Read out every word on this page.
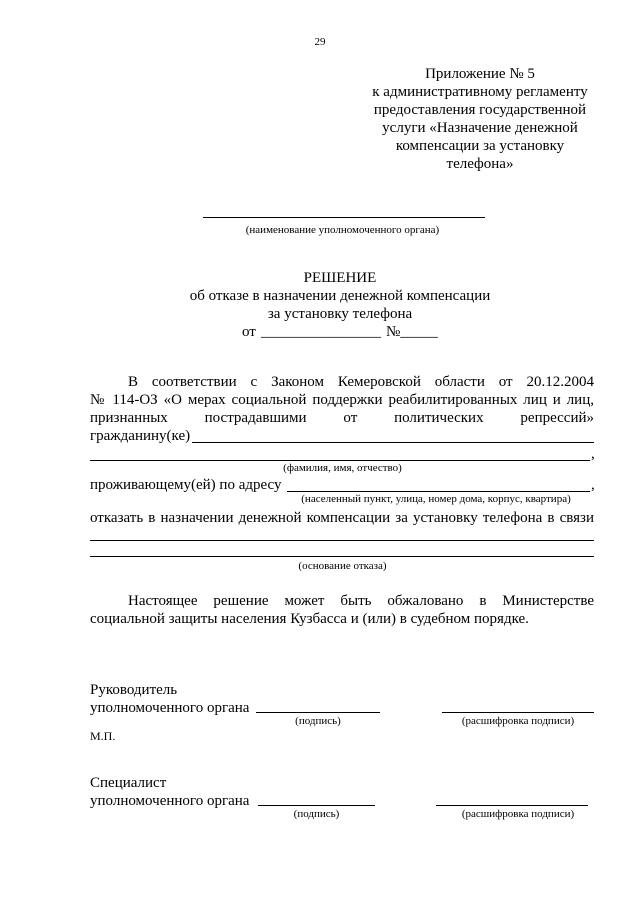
29
Приложение № 5
к административному регламенту
предоставления государственной
услуги «Назначение денежной
компенсации за установку
телефона»
(наименование уполномоченного органа)
РЕШЕНИЕ
об отказе в назначении денежной компенсации
за установку телефона
от ________________ №_____
В соответствии с Законом Кемеровской области от 20.12.2004
№ 114-ОЗ «О мерах социальной поддержки реабилитированных лиц и лиц,
признанных пострадавшими от политических репрессий»
гражданину(ке)
,
(фамилия, имя, отчество)
проживающему(ей) по адресу	,
(населенный пункт, улица, номер дома, корпус, квартира)
отказать в назначении денежной компенсации за установку телефона в связи
(основание отказа)
Настоящее решение может быть обжаловано в Министерстве
социальной защиты населения Кузбасса и (или) в судебном порядке.
Руководитель
уполномоченного органа
(подпись)	(расшифровка подписи)
М.П.
Специалист
уполномоченного органа
(подпись)	(расшифровка подписи)
